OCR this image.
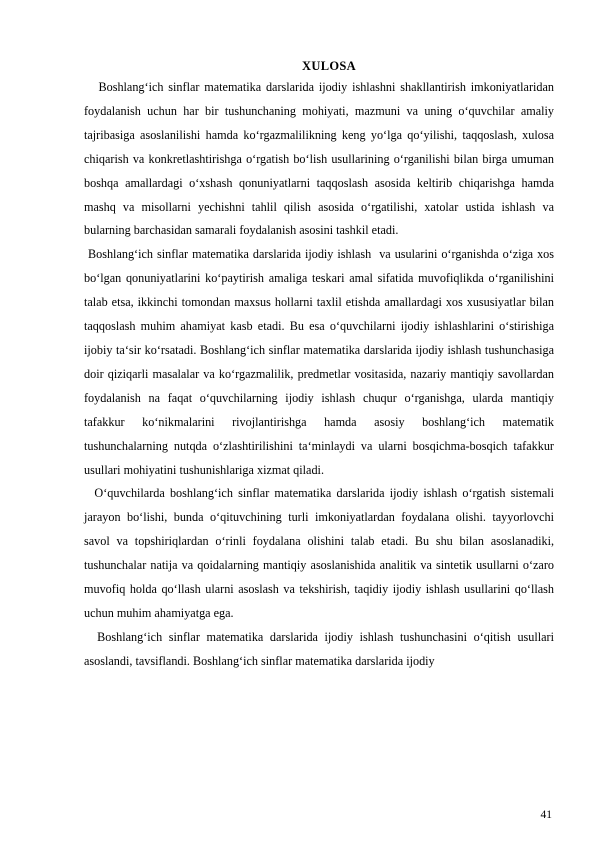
XULOSA

Boshlang‘ich sinflar matematika darslarida ijodiy ishlashni shakllantirish imkoniyatlaridan foydalanish uchun har bir tushunchaning mohiyati, mazmuni va uning o‘quvchilar amaliy tajribasiga asoslanilishi hamda ko‘rgazmalilikning keng yo‘lga qo‘yilishi, taqqoslash, xulosa chiqarish va konkretlashtirishga o‘rgatish bo‘lish usullarining o‘rganilishi bilan birga umuman boshqa amallardagi o‘xshash qonuniyatlarni taqqoslash asosida keltirib chiqarishga hamda mashq va misollarni yechishni tahlil qilish asosida o‘rgatilishi, xatolar ustida ishlash va bularning barchasidan samarali foydalanish asosini tashkil etadi.

Boshlang‘ich sinflar matematika darslarida ijodiy ishlash  va usularini o‘rganishda o‘ziga xos bo‘lgan qonuniyatlarini ko‘paytirish amaliga teskari amal sifatida muvofiqlikda o‘rganilishini talab etsa, ikkinchi tomondan maxsus hollarni taxlil etishda amallardagi xos xususiyatlar bilan taqqoslash muhim ahamiyat kasb etadi. Bu esa o‘quvchilarni ijodiy ishlashlarini o‘stirishiga ijobiy ta‘sir ko‘rsatadi. Boshlang‘ich sinflar matematika darslarida ijodiy ishlash tushunchasiga doir qiziqarli masalalar va ko‘rgazmalilik, predmetlar vositasida, nazariy mantiqiy savollardan foydalanish na faqat o‘quvchilarning ijodiy ishlash chuqur o‘rganishga, ularda mantiqiy tafakkur ko‘nikmalarini rivojlantirishga hamda asosiy boshlang‘ich matematik tushunchalarning nutqda o‘zlashtirilishini ta‘minlaydi va ularni bosqichma-bosqich tafakkur usullari mohiyatini tushunishlariga xizmat qiladi.

O‘quvchilarda boshlang‘ich sinflar matematika darslarida ijodiy ishlash o‘rgatish sistemali jarayon bo‘lishi, bunda o‘qituvchining turli imkoniyatlardan foydalana olishi. tayyorlovchi savol va topshiriqlardan o‘rinli foydalana olishini talab etadi. Bu shu bilan asoslanadiki, tushunchalar natija va qoidalarning mantiqiy asoslanishida analitik va sintetik usullarni o‘zaro muvofiq holda qo‘llash ularni asoslash va tekshirish, taqidiy ijodiy ishlash usullarini qo‘llash uchun muhim ahamiyatga ega.

Boshlang‘ich sinflar matematika darslarida ijodiy ishlash tushunchasini o‘qitish usullari asoslandi, tavsiflandi. Boshlang‘ich sinflar matematika darslarida ijodiy

41
